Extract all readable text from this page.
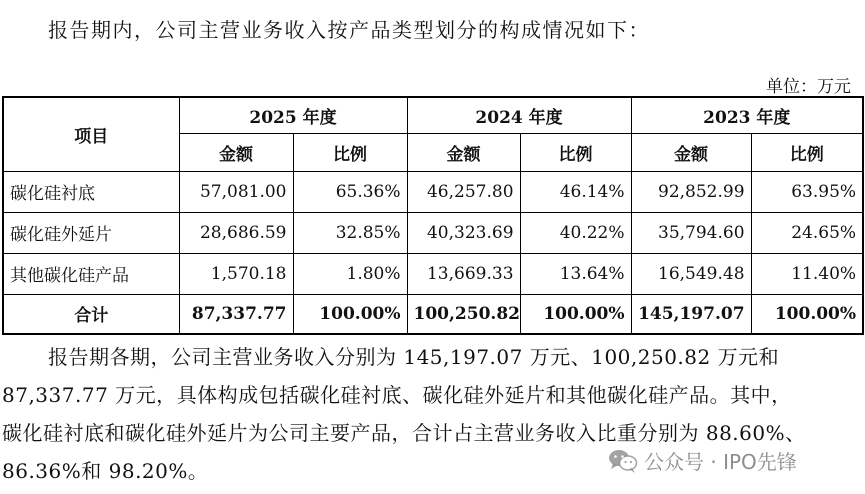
报告期内，公司主营业务收入按产品类型划分的构成情况如下：
单位：万元
项目	2025 年度		2024 年度		2023 年度	
	金额	比例	金额	比例	金额	比例
碳化硅衬底	57,081.00	65.36%	46,257.80	46.14%	92,852.99	63.95%
碳化硅外延片	28,686.59	32.85%	40,323.69	40.22%	35,794.60	24.65%
其他碳化硅产品	1,570.18	1.80%	13,669.33	13.64%	16,549.48	11.40%
合计	87,337.77	100.00%	100,250.82	100.00%	145,197.07	100.00%

报告期各期，公司主营业务收入分别为 145,197.07 万元、100,250.82 万元和

87,337.77 万元，具体构成包括碳化硅衬底、碳化硅外延片和其他碳化硅产品。其中，

碳化硅衬底和碳化硅外延片为公司主要产品，合计占主营业务收入比重分别为 88.60%、

86.36%和 98.20%。	公众号 · IPO先锋
